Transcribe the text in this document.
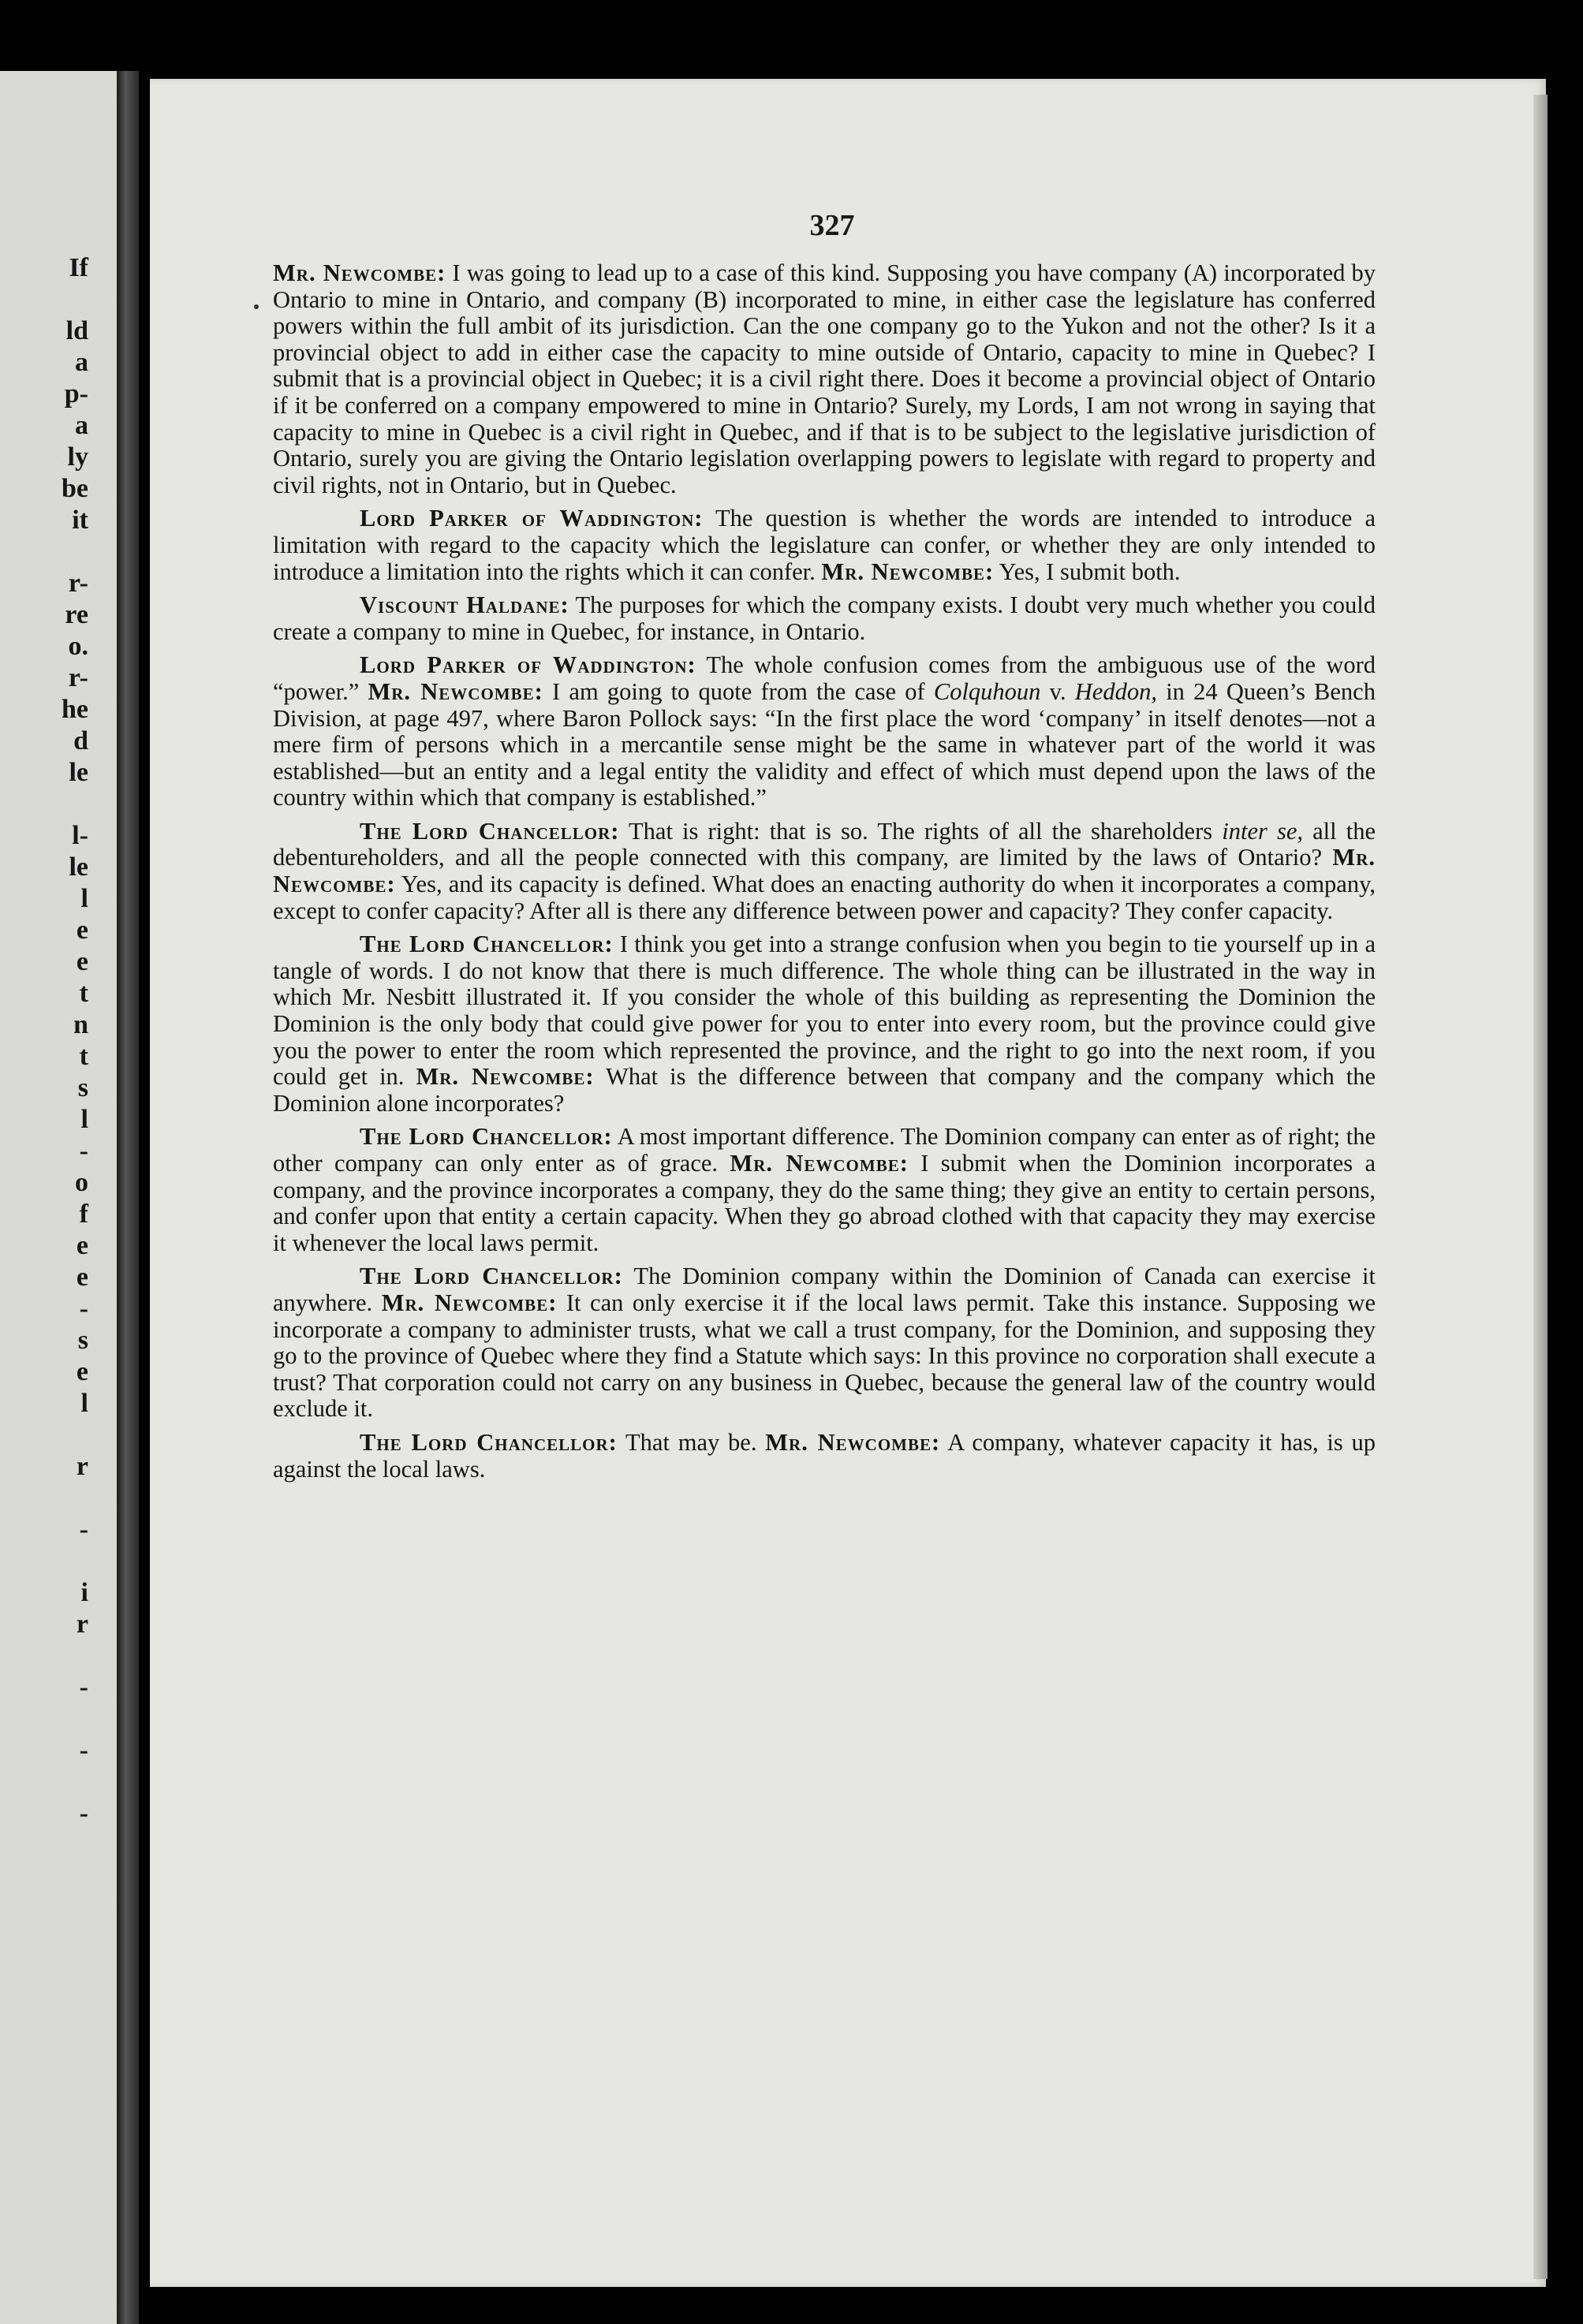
If

ld
a
p-
a
ly
be
it

r-
re
o.
r-
he
d
le

l-
le
l
e
e
t
n
t
s
l
-
o
f
e
e
-
s
e
l

r

-

i
r

-

-

-
327

Mr. Newcombe: I was going to lead up to a case of this kind. Supposing you have company (A) incorporated by Ontario to mine in Ontario, and company (B) incorporated to mine, in either case the legislature has conferred powers within the full ambit of its jurisdiction. Can the one company go to the Yukon and not the other? Is it a provincial object to add in either case the capacity to mine outside of Ontario, capacity to mine in Quebec? I submit that is a provincial object in Quebec; it is a civil right there. Does it become a provincial object of Ontario if it be conferred on a company empowered to mine in Ontario? Surely, my Lords, I am not wrong in saying that capacity to mine in Quebec is a civil right in Quebec, and if that is to be subject to the legislative jurisdiction of Ontario, surely you are giving the Ontario legislation overlapping powers to legislate with regard to property and civil rights, not in Ontario, but in Quebec.

Lord Parker of Waddington: The question is whether the words are intended to introduce a limitation with regard to the capacity which the legislature can confer, or whether they are only intended to introduce a limitation into the rights which it can confer. Mr. Newcombe: Yes, I submit both.

Viscount Haldane: The purposes for which the company exists. I doubt very much whether you could create a company to mine in Quebec, for instance, in Ontario.

Lord Parker of Waddington: The whole confusion comes from the ambiguous use of the word “power.” Mr. Newcombe: I am going to quote from the case of Colquhoun v. Heddon, in 24 Queen’s Bench Division, at page 497, where Baron Pollock says: “In the first place the word ‘company’ in itself denotes—not a mere firm of persons which in a mercantile sense might be the same in whatever part of the world it was established—but an entity and a legal entity the validity and effect of which must depend upon the laws of the country within which that company is established.”

The Lord Chancellor: That is right: that is so. The rights of all the shareholders inter se, all the debentureholders, and all the people connected with this company, are limited by the laws of Ontario? Mr. Newcombe: Yes, and its capacity is defined. What does an enacting authority do when it incorporates a company, except to confer capacity? After all is there any difference between power and capacity? They confer capacity.

The Lord Chancellor: I think you get into a strange confusion when you begin to tie yourself up in a tangle of words. I do not know that there is much difference. The whole thing can be illustrated in the way in which Mr. Nesbitt illustrated it. If you consider the whole of this building as representing the Dominion the Dominion is the only body that could give power for you to enter into every room, but the province could give you the power to enter the room which represented the province, and the right to go into the next room, if you could get in. Mr. Newcombe: What is the difference between that company and the company which the Dominion alone incorporates?

The Lord Chancellor: A most important difference. The Dominion company can enter as of right; the other company can only enter as of grace. Mr. Newcombe: I submit when the Dominion incorporates a company, and the province incorporates a company, they do the same thing; they give an entity to certain persons, and confer upon that entity a certain capacity. When they go abroad clothed with that capacity they may exercise it whenever the local laws permit.

The Lord Chancellor: The Dominion company within the Dominion of Canada can exercise it anywhere. Mr. Newcombe: It can only exercise it if the local laws permit. Take this instance. Supposing we incorporate a company to administer trusts, what we call a trust company, for the Dominion, and supposing they go to the province of Quebec where they find a Statute which says: In this province no corporation shall execute a trust? That corporation could not carry on any business in Quebec, because the general law of the country would exclude it.

The Lord Chancellor: That may be. Mr. Newcombe: A company, whatever capacity it has, is up against the local laws.
